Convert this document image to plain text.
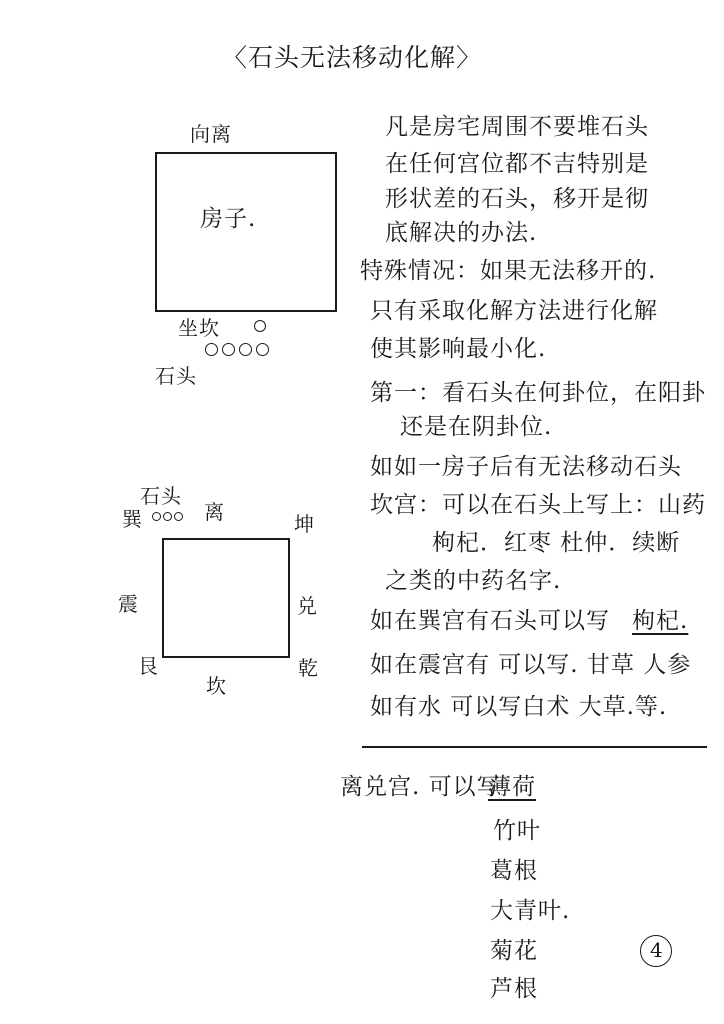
〈石头无法移动化解〉
向离
房子.
坐坎
石头
石头
巽	离	坤
震	兑
艮	乾
坎
凡是房宅周围不要堆石头
在任何宫位都不吉特别是
形状差的石头，移开是彻
底解决的办法.
特殊情况：如果无法移开的.
只有采取化解方法进行化解
使其影响最小化.
第一：看石头在何卦位，在阳卦
还是在阴卦位.
如如一房子后有无法移动石头
坎宫：可以在石头上写上：山药
枸杞．红枣 杜仲．续断
之类的中药名字.
如在巽宫有石头可以写 枸杞.
如在震宫有 可以写. 甘草 人参
如有水 可以写白术 大草.等.
离兑宫. 可以写
薄荷
竹叶
葛根
大青叶.
菊花
芦根
4
